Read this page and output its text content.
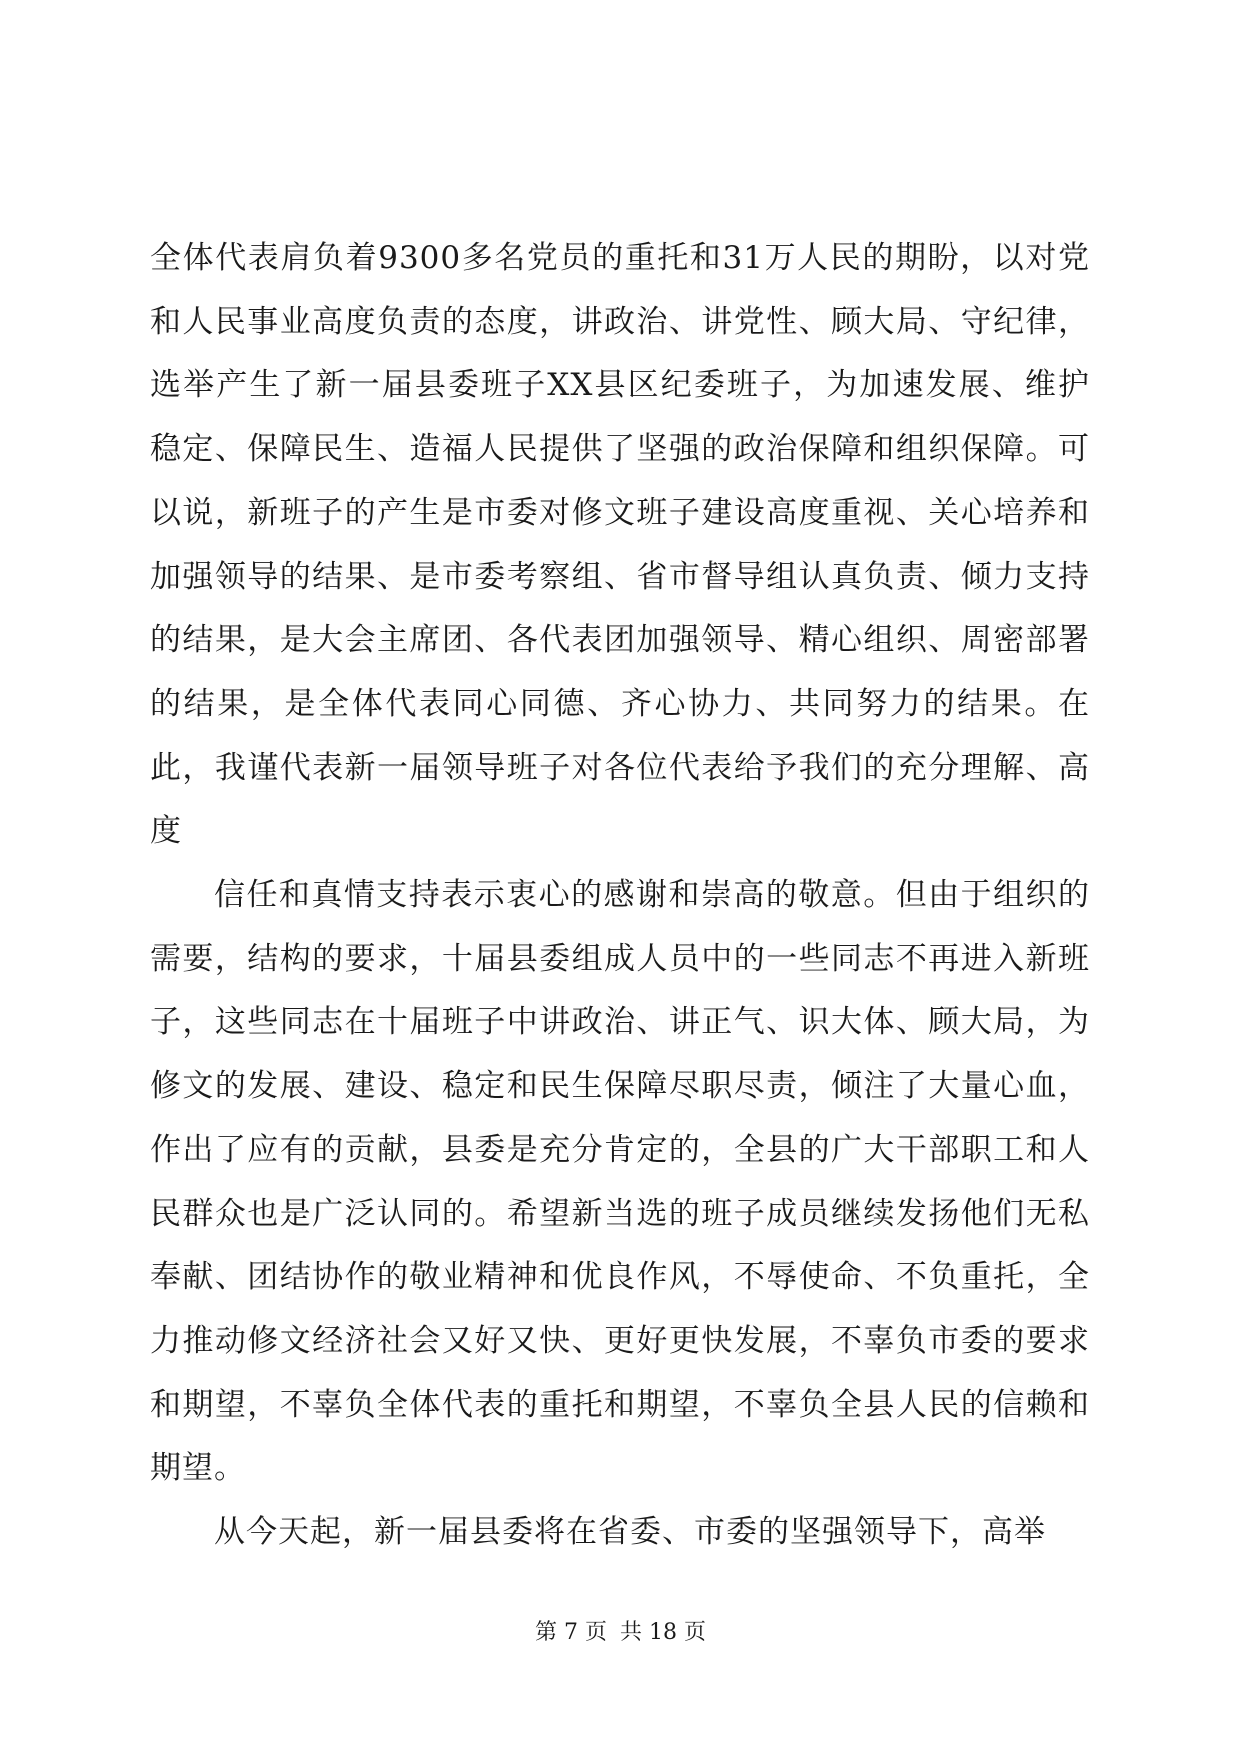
全体代表肩负着9300多名党员的重托和31万人民的期盼，以对党和人民事业高度负责的态度，讲政治、讲党性、顾大局、守纪律，选举产生了新一届县委班子XX县区纪委班子，为加速发展、维护稳定、保障民生、造福人民提供了坚强的政治保障和组织保障。可以说，新班子的产生是市委对修文班子建设高度重视、关心培养和加强领导的结果、是市委考察组、省市督导组认真负责、倾力支持的结果，是大会主席团、各代表团加强领导、精心组织、周密部署的结果，是全体代表同心同德、齐心协力、共同努力的结果。在此，我谨代表新一届领导班子对各位代表给予我们的充分理解、高度

信任和真情支持表示衷心的感谢和崇高的敬意。但由于组织的需要，结构的要求，十届县委组成人员中的一些同志不再进入新班子，这些同志在十届班子中讲政治、讲正气、识大体、顾大局，为修文的发展、建设、稳定和民生保障尽职尽责，倾注了大量心血，作出了应有的贡献，县委是充分肯定的，全县的广大干部职工和人民群众也是广泛认同的。希望新当选的班子成员继续发扬他们无私奉献、团结协作的敬业精神和优良作风，不辱使命、不负重托，全力推动修文经济社会又好又快、更好更快发展，不辜负市委的要求和期望，不辜负全体代表的重托和期望，不辜负全县人民的信赖和期望。

从今天起，新一届县委将在省委、市委的坚强领导下，高举

第 7 页 共 18 页
